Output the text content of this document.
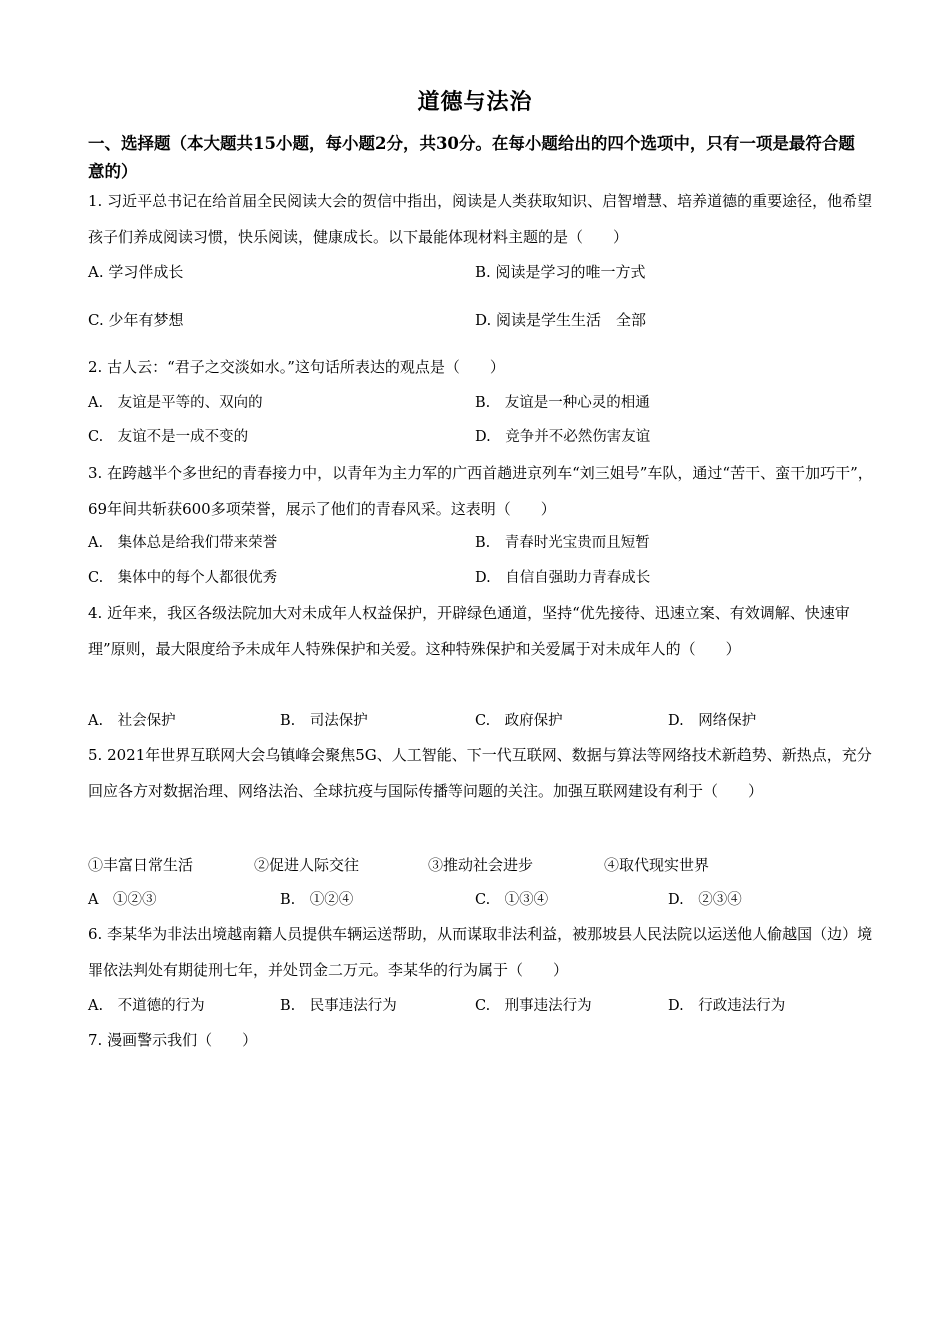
道德与法治
一、选择题（本大题共15小题，每小题2分，共30分。在每小题给出的四个选项中，只有一项是最符合题意的）
1. 习近平总书记在给首届全民阅读大会的贺信中指出，阅读是人类获取知识、启智增慧、培养道德的重要途径，他希望孩子们养成阅读习惯，快乐阅读，健康成长。以下最能体现材料主题的是（　　）
A. 学习伴成长	B. 阅读是学习的唯一方式
C. 少年有梦想	D. 阅读是学生生活　全部
2. 古人云：“君子之交淡如水。”这句话所表达的观点是（　　）
A.　友谊是平等的、双向的	B.　友谊是一种心灵的相通
C.　友谊不是一成不变的	D.　竞争并不必然伤害友谊
3. 在跨越半个多世纪的青春接力中，以青年为主力军的广西首趟进京列车“刘三姐号”车队，通过“苦干、蛮干加巧干”，69年间共斩获600多项荣誉，展示了他们的青春风采。这表明（　　）
A.　集体总是给我们带来荣誉	B.　青春时光宝贵而且短暂
C.　集体中的每个人都很优秀	D.　自信自强助力青春成长
4. 近年来，我区各级法院加大对未成年人权益保护，开辟绿色通道，坚持“优先接待、迅速立案、有效调解、快速审理”原则，最大限度给予未成年人特殊保护和关爱。这种特殊保护和关爱属于对未成年人的（　　）
A.　社会保护	B.　司法保护	C.　政府保护	D.　网络保护
5. 2021年世界互联网大会乌镇峰会聚焦5G、人工智能、下一代互联网、数据与算法等网络技术新趋势、新热点，充分回应各方对数据治理、网络法治、全球抗疫与国际传播等问题的关注。加强互联网建设有利于（　　）
①丰富日常生活	②促进人际交往	③推动社会进步	④取代现实世界
A　①②③	B.　①②④	C.　①③④	D.　②③④
6. 李某华为非法出境越南籍人员提供车辆运送帮助，从而谋取非法利益，被那坡县人民法院以运送他人偷越国（边）境罪依法判处有期徒刑七年，并处罚金二万元。李某华的行为属于（　　）
A.　不道德的行为	B.　民事违法行为	C.　刑事违法行为	D.　行政违法行为
7. 漫画警示我们（　　）
